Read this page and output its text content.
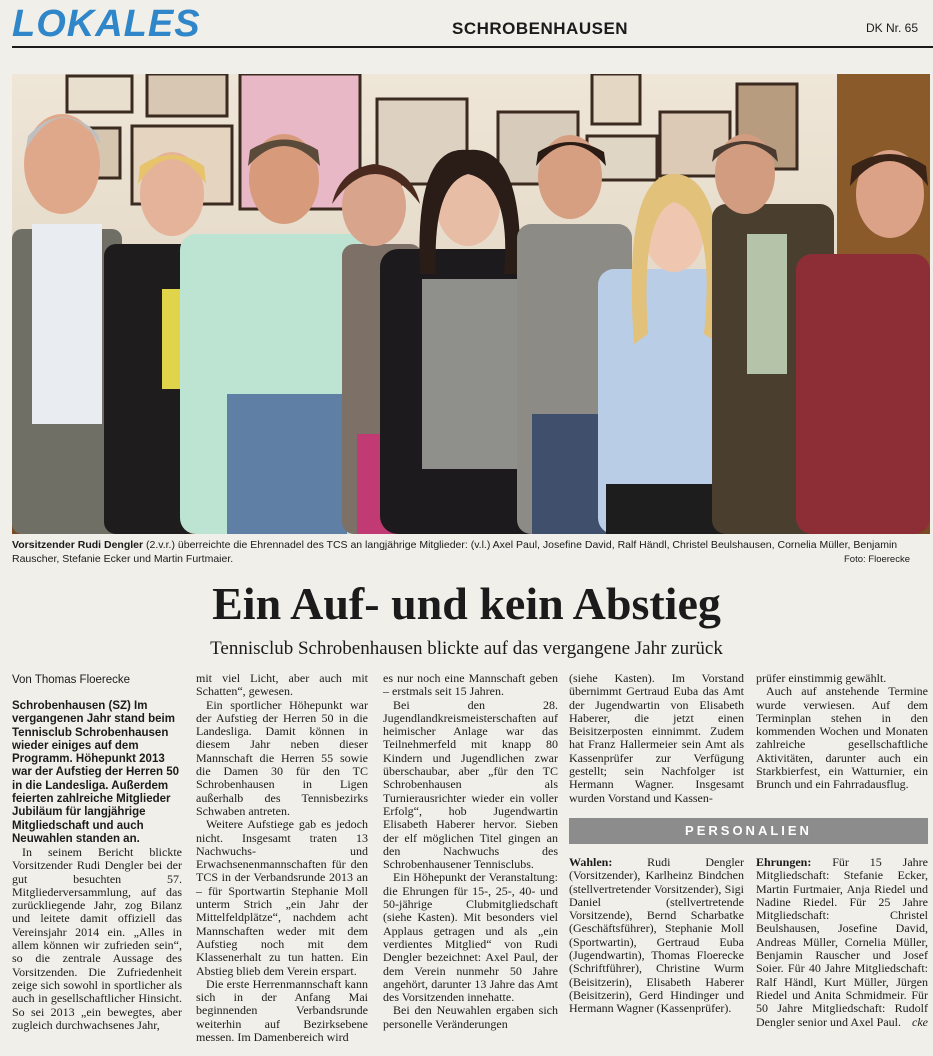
LOKALES	SCHROBENHAUSEN	DK Nr. 65
Vorsitzender Rudi Dengler (2.v.r.) überreichte die Ehrennadel des TCS an langjährige Mitglieder: (v.l.) Axel Paul, Josefine David, Ralf Händl, Christel Beulshausen, Cornelia Müller, Benjamin Rauscher, Stefanie Ecker und Martin Furtmaier.	Foto: Floerecke
Ein Auf- und kein Abstieg
Tennisclub Schrobenhausen blickte auf das vergangene Jahr zurück
Von Thomas Floerecke
Schrobenhausen (SZ) Im vergangenen Jahr stand beim Tennisclub Schrobenhausen wieder einiges auf dem Programm. Höhepunkt 2013 war der Aufstieg der Herren 50 in die Landesliga. Außerdem feierten zahlreiche Mitglieder Jubiläum für langjährige Mitgliedschaft und auch Neuwahlen standen an.

In seinem Bericht blickte Vorsitzender Rudi Dengler bei der gut besuchten 57. Mitgliederversammlung, auf das zurückliegende Jahr, zog Bilanz und leitete damit offiziell das Vereinsjahr 2014 ein. „Alles in allem können wir zufrieden sein“, so die zentrale Aussage des Vorsitzenden. Die Zufriedenheit zeige sich sowohl in sportlicher als auch in gesellschaftlicher Hinsicht. So sei 2013 „ein bewegtes, aber zugleich durchwachsenes Jahr,

mit viel Licht, aber auch mit Schatten“, gewesen.

Ein sportlicher Höhepunkt war der Aufstieg der Herren 50 in die Landesliga. Damit können in diesem Jahr neben dieser Mannschaft die Herren 55 sowie die Damen 30 für den TC Schrobenhausen in Ligen außerhalb des Tennisbezirks Schwaben antreten.

Weitere Aufstiege gab es jedoch nicht. Insgesamt traten 13 Nachwuchs- und Erwachsenenmannschaften für den TCS in der Verbandsrunde 2013 an – für Sportwartin Stephanie Moll unterm Strich „ein Jahr der Mittelfeldplätze“, nachdem acht Mannschaften weder mit dem Aufstieg noch mit dem Klassenerhalt zu tun hatten. Ein Abstieg blieb dem Verein erspart.

Die erste Herrenmannschaft kann sich in der Anfang Mai beginnenden Verbandsrunde weiterhin auf Bezirksebene messen. Im Damenbereich wird

es nur noch eine Mannschaft geben – erstmals seit 15 Jahren.

Bei den 28. Jugendlandkreismeisterschaften auf heimischer Anlage war das Teilnehmerfeld mit knapp 80 Kindern und Jugendlichen zwar überschaubar, aber „für den TC Schrobenhausen als Turnierausrichter wieder ein voller Erfolg“, hob Jugendwartin Elisabeth Haberer hervor. Sieben der elf möglichen Titel gingen an den Nachwuchs des Schrobenhausener Tennisclubs.

Ein Höhepunkt der Veranstaltung: die Ehrungen für 15-, 25-, 40- und 50-jährige Clubmitgliedschaft (siehe Kasten). Mit besonders viel Applaus getragen und als „ein verdientes Mitglied“ von Rudi Dengler bezeichnet: Axel Paul, der dem Verein nunmehr 50 Jahre angehört, darunter 13 Jahre das Amt des Vorsitzenden innehatte.

Bei den Neuwahlen ergaben sich personelle Veränderungen

(siehe Kasten). Im Vorstand übernimmt Gertraud Euba das Amt der Jugendwartin von Elisabeth Haberer, die jetzt einen Beisitzerposten einnimmt. Zudem hat Franz Hallermeier sein Amt als Kassenprüfer zur Verfügung gestellt; sein Nachfolger ist Hermann Wagner. Insgesamt wurden Vorstand und Kassen-

prüfer einstimmig gewählt.

Auch auf anstehende Termine wurde verwiesen. Auf dem Terminplan stehen in den kommenden Wochen und Monaten zahlreiche gesellschaftliche Aktivitäten, darunter auch ein Starkbierfest, ein Watturnier, ein Brunch und ein Fahrradausflug.

PERSONALIEN

Wahlen: Rudi Dengler (Vorsitzender), Karlheinz Bindchen (stellvertretender Vorsitzender), Sigi Daniel (stellvertretende Vorsitzende), Bernd Scharbatke (Geschäftsführer), Stephanie Moll (Sportwartin), Gertraud Euba (Jugendwartin), Thomas Floerecke (Schriftführer), Christine Wurm (Beisitzerin), Elisabeth Haberer (Beisitzerin), Gerd Hindinger und Hermann Wagner (Kassenprüfer).

Ehrungen: Für 15 Jahre Mitgliedschaft: Stefanie Ecker, Martin Furtmaier, Anja Riedel und Nadine Riedel. Für 25 Jahre Mitgliedschaft: Christel Beulshausen, Josefine David, Andreas Müller, Cornelia Müller, Benjamin Rauscher und Josef Soier. Für 40 Jahre Mitgliedschaft: Ralf Händl, Kurt Müller, Jürgen Riedel und Anita Schmidmeir. Für 50 Jahre Mitgliedschaft: Rudolf Dengler senior und Axel Paul. cke
